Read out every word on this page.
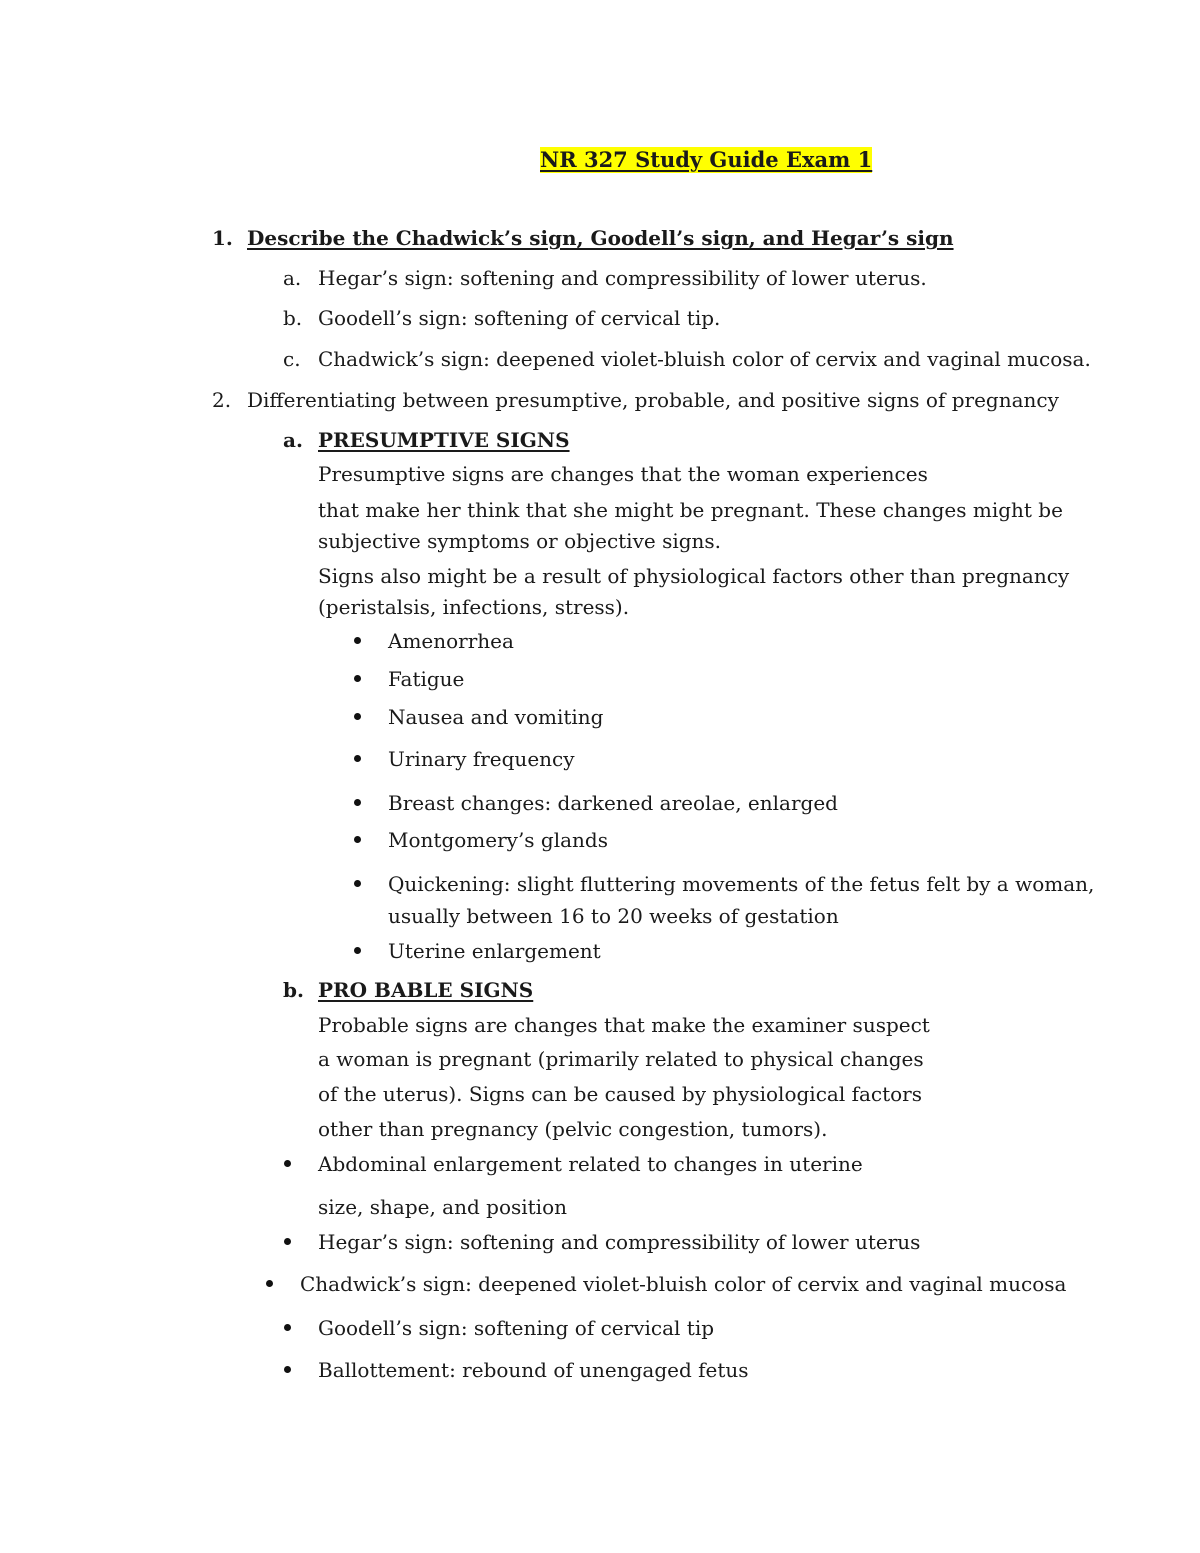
NR 327 Study Guide Exam 1

1. Describe the Chadwick’s sign, Goodell’s sign, and Hegar’s sign
a. Hegar’s sign: softening and compressibility of lower uterus.
b. Goodell’s sign: softening of cervical tip.
c. Chadwick’s sign: deepened violet-bluish color of cervix and vaginal mucosa.
2. Differentiating between presumptive, probable, and positive signs of pregnancy
a. PRESUMPTIVE SIGNS
Presumptive signs are changes that the woman experiences
that make her think that she might be pregnant. These changes might be
subjective symptoms or objective signs.
Signs also might be a result of physiological factors other than pregnancy
(peristalsis, infections, stress).
Amenorrhea
Fatigue
Nausea and vomiting
Urinary frequency
Breast changes: darkened areolae, enlarged
Montgomery’s glands
Quickening: slight fluttering movements of the fetus felt by a woman,
usually between 16 to 20 weeks of gestation
Uterine enlargement
b. PRO BABLE SIGNS
Probable signs are changes that make the examiner suspect
a woman is pregnant (primarily related to physical changes
of the uterus). Signs can be caused by physiological factors
other than pregnancy (pelvic congestion, tumors).
Abdominal enlargement related to changes in uterine
size, shape, and position
Hegar’s sign: softening and compressibility of lower uterus
Chadwick’s sign: deepened violet-bluish color of cervix and vaginal mucosa
Goodell’s sign: softening of cervical tip
Ballottement: rebound of unengaged fetus
